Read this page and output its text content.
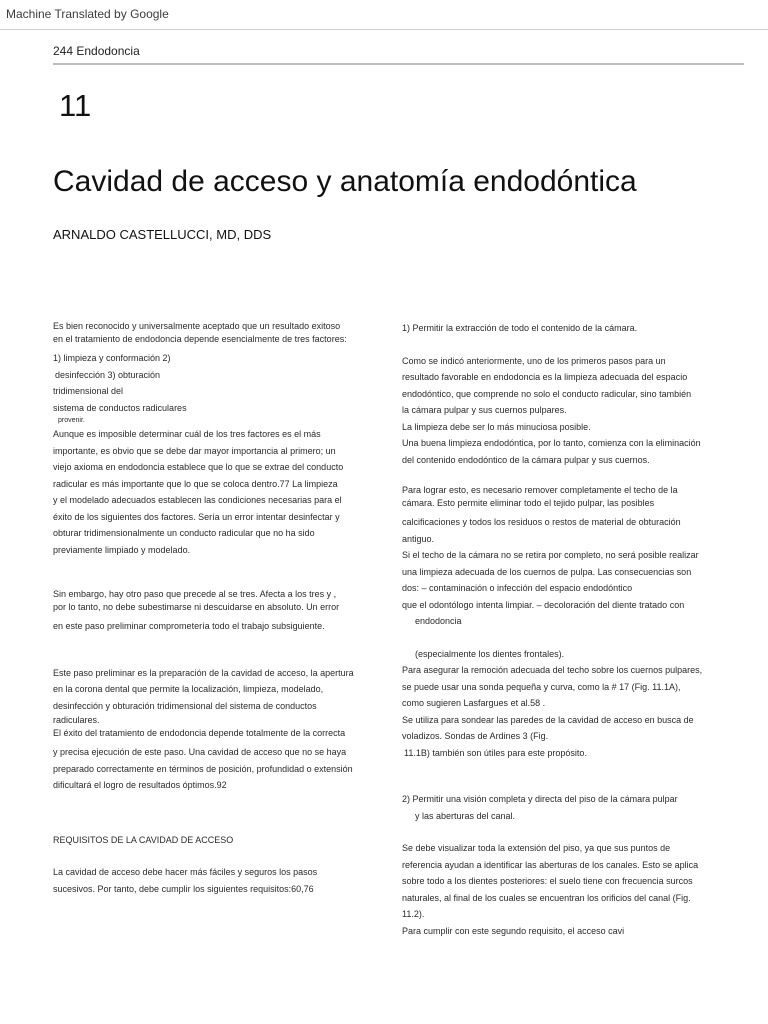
Machine Translated by Google
244 Endodoncia
11
Cavidad de acceso y anatomía endodóntica
ARNALDO CASTELLUCCI, MD, DDS
Es bien reconocido y universalmente aceptado que un resultado exitoso
en el tratamiento de endodoncia depende esencialmente de tres factores:
1) limpieza y conformación 2)
desinfección 3) obturación
tridimensional del
sistema de conductos radiculares
provenir.
Aunque es imposible determinar cuál de los tres factores es el más
importante, es obvio que se debe dar mayor importancia al primero; un
viejo axioma en endodoncia establece que lo que se extrae del conducto
radicular es más importante que lo que se coloca dentro.77 La limpieza
y el modelado adecuados establecen las condiciones necesarias para el
éxito de los siguientes dos factores. Sería un error intentar desinfectar y
obturar tridimensionalmente un conducto radicular que no ha sido
previamente limpiado y modelado.
Sin embargo, hay otro paso que precede al se tres. Afecta a los tres y ,
por lo tanto, no debe subestimarse ni descuidarse en absoluto. Un error
en este paso preliminar comprometería todo el trabajo subsiguiente.
Este paso preliminar es la preparación de la cavidad de acceso, la apertura
en la corona dental que permite la localización, limpieza, modelado,
desinfección y obturación tridimensional del sistema de conductos
radiculares.
El éxito del tratamiento de endodoncia depende totalmente de la correcta
y precisa ejecución de este paso. Una cavidad de acceso que no se haya
preparado correctamente en términos de posición, profundidad o extensión
dificultará el logro de resultados óptimos.92
REQUISITOS DE LA CAVIDAD DE ACCESO
La cavidad de acceso debe hacer más fáciles y seguros los pasos
sucesivos. Por tanto, debe cumplir los siguientes requisitos:60,76
1) Permitir la extracción de todo el contenido de la cámara.
Como se indicó anteriormente, uno de los primeros pasos para un
resultado favorable en endodoncia es la limpieza adecuada del espacio
endodóntico, que comprende no solo el conducto radicular, sino también
la cámara pulpar y sus cuernos pulpares.
La limpieza debe ser lo más minuciosa posible.
Una buena limpieza endodóntica, por lo tanto, comienza con la eliminación
del contenido endodóntico de la cámara pulpar y sus cuernos.
Para lograr esto, es necesario remover completamente el techo de la
cámara. Esto permite eliminar todo el tejido pulpar, las posibles
calcificaciones y todos los residuos o restos de material de obturación
antiguo.
Si el techo de la cámara no se retira por completo, no será posible realizar
una limpieza adecuada de los cuernos de pulpa. Las consecuencias son
dos: – contaminación o infección del espacio endodóntico
que el odontólogo intenta limpiar. – decoloración del diente tratado con
endodoncia
(especialmente los dientes frontales).
Para asegurar la remoción adecuada del techo sobre los cuernos pulpares,
se puede usar una sonda pequeña y curva, como la # 17 (Fig. 11.1A),
como sugieren Lasfargues et al.58 .
Se utiliza para sondear las paredes de la cavidad de acceso en busca de
voladizos. Sondas de Ardines 3 (Fig.
11.1B) también son útiles para este propósito.
2) Permitir una visión completa y directa del piso de la cámara pulpar
y las aberturas del canal.
Se debe visualizar toda la extensión del piso, ya que sus puntos de
referencia ayudan a identificar las aberturas de los canales. Esto se aplica
sobre todo a los dientes posteriores: el suelo tiene con frecuencia surcos
naturales, al final de los cuales se encuentran los orificios del canal (Fig.
11.2).
Para cumplir con este segundo requisito, el acceso cavi
